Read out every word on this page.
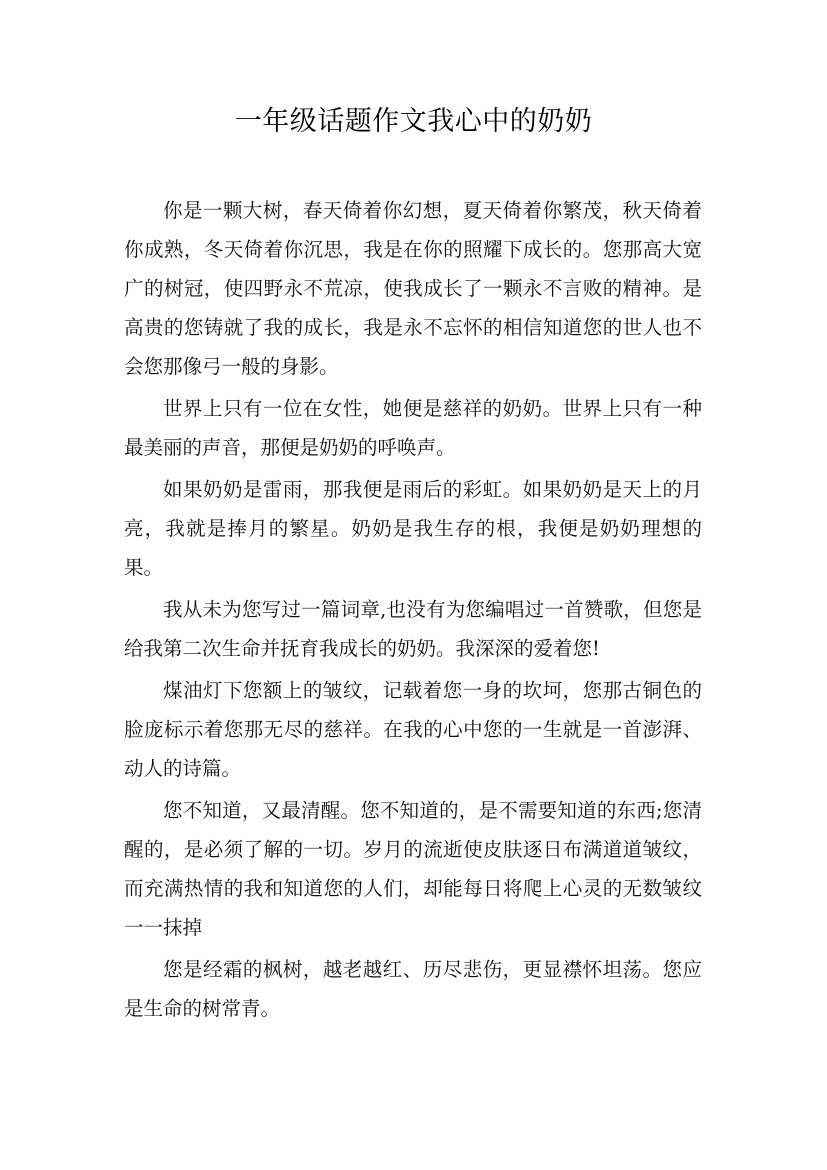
一年级话题作文我心中的奶奶

你是一颗大树，春天倚着你幻想，夏天倚着你繁茂，秋天倚着你成熟，冬天倚着你沉思，我是在你的照耀下成长的。您那高大宽广的树冠，使四野永不荒凉，使我成长了一颗永不言败的精神。是高贵的您铸就了我的成长，我是永不忘怀的相信知道您的世人也不会您那像弓一般的身影。

世界上只有一位在女性，她便是慈祥的奶奶。世界上只有一种最美丽的声音，那便是奶奶的呼唤声。

如果奶奶是雷雨，那我便是雨后的彩虹。如果奶奶是天上的月亮，我就是捧月的繁星。奶奶是我生存的根，我便是奶奶理想的果。

我从未为您写过一篇词章,也没有为您编唱过一首赞歌，但您是给我第二次生命并抚育我成长的奶奶。我深深的爱着您!

煤油灯下您额上的皱纹，记载着您一身的坎坷，您那古铜色的脸庞标示着您那无尽的慈祥。在我的心中您的一生就是一首澎湃、动人的诗篇。

您不知道，又最清醒。您不知道的，是不需要知道的东西;您清醒的，是必须了解的一切。岁月的流逝使皮肤逐日布满道道皱纹，而充满热情的我和知道您的人们，却能每日将爬上心灵的无数皱纹一一抹掉

您是经霜的枫树，越老越红、历尽悲伤，更显襟怀坦荡。您应是生命的树常青。
